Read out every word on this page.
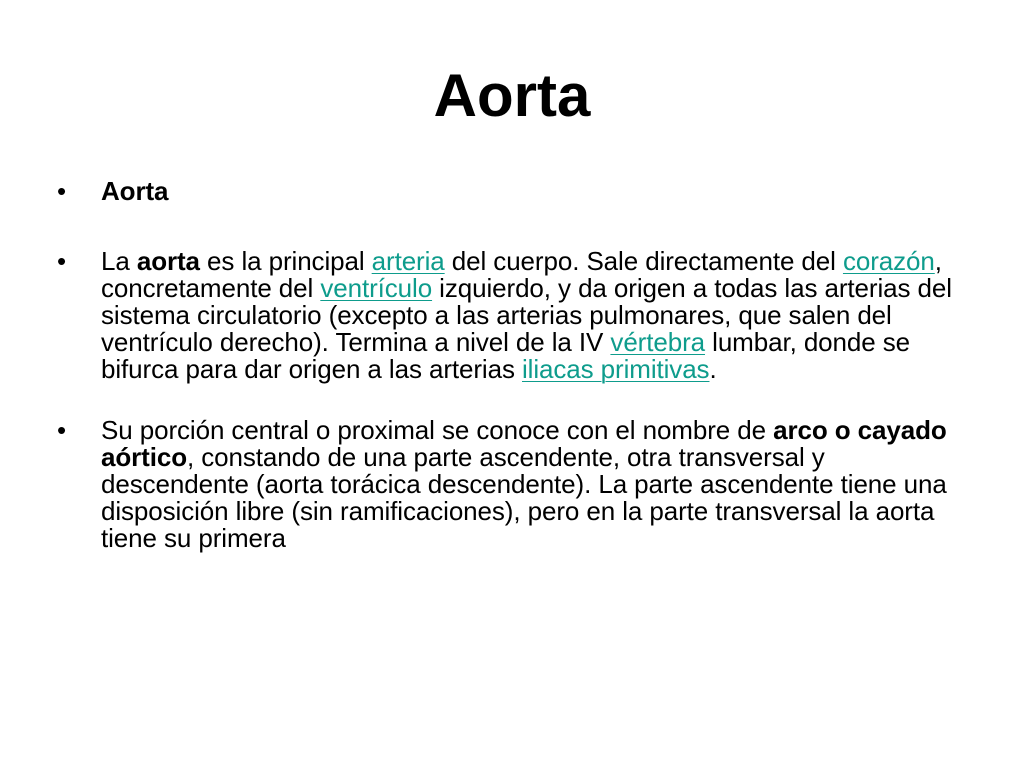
Aorta
•	Aorta
•	La aorta es la principal arteria del cuerpo. Sale directamente del corazón, concretamente del ventrículo izquierdo, y da origen a todas las arterias del sistema circulatorio (excepto a las arterias pulmonares, que salen del ventrículo derecho). Termina a nivel de la IV vértebra lumbar, donde se bifurca para dar origen a las arterias iliacas primitivas.
•	Su porción central o proximal se conoce con el nombre de arco o cayado aórtico, constando de una parte ascendente, otra transversal y descendente (aorta torácica descendente). La parte ascendente tiene una disposición libre (sin ramificaciones), pero en la parte transversal la aorta tiene su primera
